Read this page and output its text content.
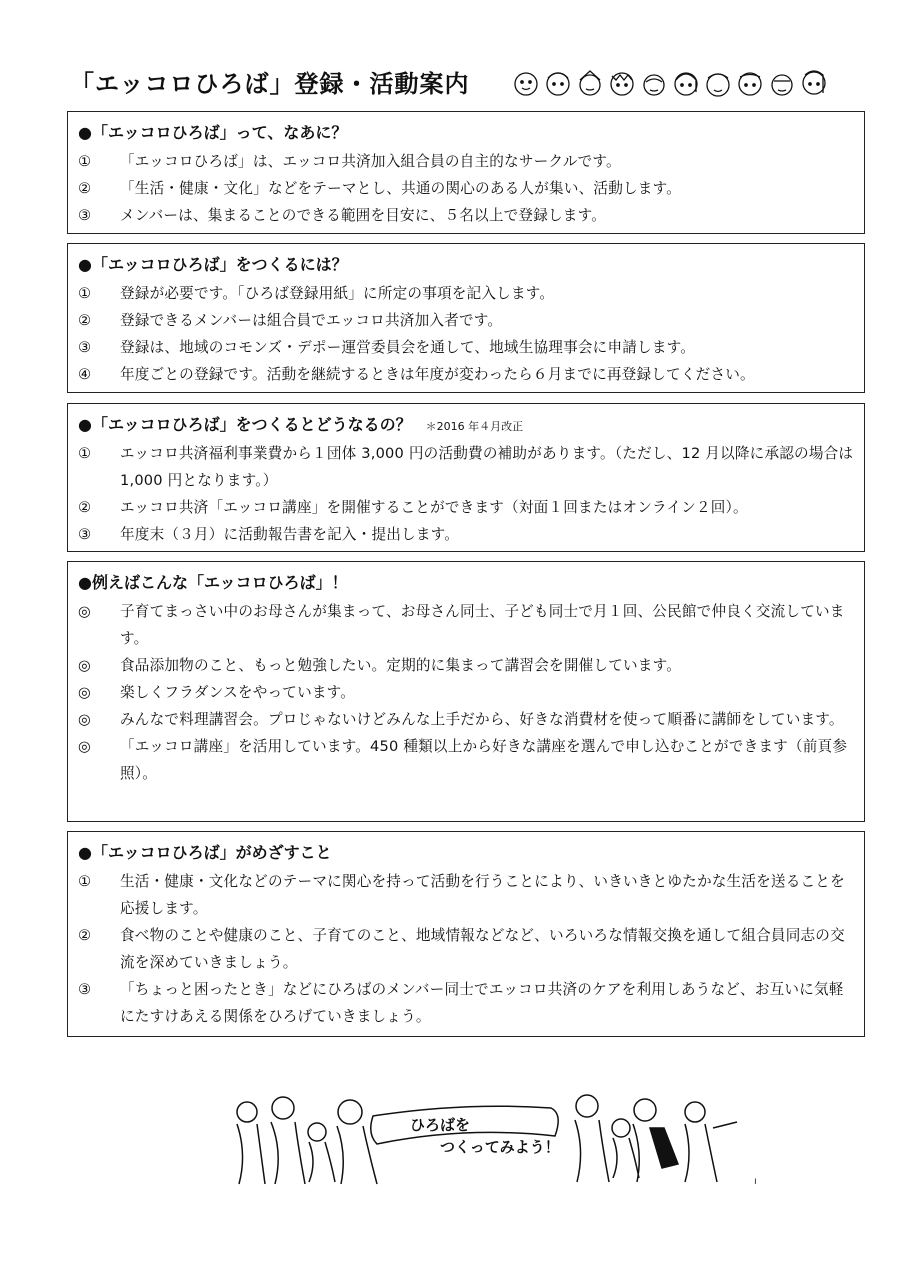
「エッコロひろば」登録・活動案内
●「エッコロひろば」って、なあに？
①	「エッコロひろば」は、エッコロ共済加入組合員の自主的なサークルです。
②	「生活・健康・文化」などをテーマとし、共通の関心のある人が集い、活動します。
③	メンバーは、集まることのできる範囲を目安に、５名以上で登録します。
●「エッコロひろば」をつくるには？
①	登録が必要です。「ひろば登録用紙」に所定の事項を記入します。
②	登録できるメンバーは組合員でエッコロ共済加入者です。
③	登録は、地域のコモンズ・デポー運営委員会を通して、地域生協理事会に申請します。
④	年度ごとの登録です。活動を継続するときは年度が変わったら６月までに再登録してください。
●「エッコロひろば」をつくるとどうなるの？ ＊2016 年４月改正
①	エッコロ共済福利事業費から１団体 3,000 円の活動費の補助があります。（ただし、12 月以降に承認の場合は 1,000 円となります。）
②	エッコロ共済「エッコロ講座」を開催することができます（対面１回またはオンライン２回）。
③	年度末（３月）に活動報告書を記入・提出します。
●例えばこんな「エッコロひろば」！
◎	子育てまっさい中のお母さんが集まって、お母さん同士、子ども同士で月１回、公民館で仲良く交流しています。
◎	食品添加物のこと、もっと勉強したい。定期的に集まって講習会を開催しています。
◎	楽しくフラダンスをやっています。
◎	みんなで料理講習会。プロじゃないけどみんな上手だから、好きな消費材を使って順番に講師をしています。
◎	「エッコロ講座」を活用しています。450 種類以上から好きな講座を選んで申し込むことができます（前頁参照）。
●「エッコロひろば」がめざすこと
①	生活・健康・文化などのテーマに関心を持って活動を行うことにより、いきいきとゆたかな生活を送ることを応援します。
②	食べ物のことや健康のこと、子育てのこと、地域情報などなど、いろいろな情報交換を通して組合員同志の交流を深めていきましょう。
③	「ちょっと困ったとき」などにひろばのメンバー同士でエッコロ共済のケアを利用しあうなど、お互いに気軽にたすけあえる関係をひろげていきましょう。
ひろばを
つくってみよう！
ı
